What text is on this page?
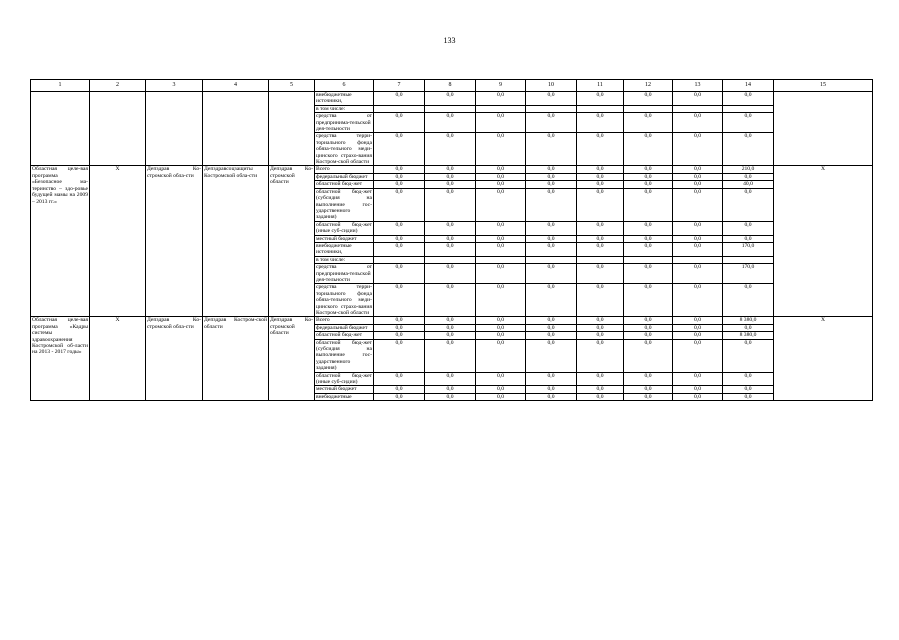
133
1	2	3	4	5	6	7	8	9	10	11	12	13	14	15
					внебюджетные источники,	0,0	0,0	0,0	0,0	0,0	0,0	0,0	0,0	
					в том числе:									
					средства от предпринима-тельской дея-тельности	0,0	0,0	0,0	0,0	0,0	0,0	0,0	0,0	
					средства терри-ториального фонда обяза-тельного меди-цинского страхо-вания Костром-ской области	0,0	0,0	0,0	0,0	0,0	0,0	0,0	0,0	
Областная целе-вая программа «Безопасное ма-теринство – здо-ровье будущей мамы на 2009 – 2013 гг.»	Х	Депздрав Ко-стромской обла-сти	Депздравсоцзащиты Костромской обла-сти	Депздрав Ко-стромской области	Всего	0,0	0,0	0,0	0,0	0,0	0,0	0,0	210,0	Х
					федеральный бюджет	0,0	0,0	0,0	0,0	0,0	0,0	0,0	0,0	
					областной бюд-жет	0,0	0,0	0,0	0,0	0,0	0,0	0,0	40,0	
					областной бюд-жет (субсидия на выполнение гос-ударственного задания)	0,0	0,0	0,0	0,0	0,0	0,0	0,0	0,0	
					областной бюд-жет (иные суб-сидии)	0,0	0,0	0,0	0,0	0,0	0,0	0,0	0,0	
					местный бюджет	0,0	0,0	0,0	0,0	0,0	0,0	0,0	0,0	
					внебюджетные источники,	0,0	0,0	0,0	0,0	0,0	0,0	0,0	170,0	
					в том числе:									
					средства от предпринима-тельской дея-тельности	0,0	0,0	0,0	0,0	0,0	0,0	0,0	170,0	
					средства терри-ториального фонда обяза-тельного меди-цинского страхо-вания Костром-ской области	0,0	0,0	0,0	0,0	0,0	0,0	0,0	0,0	
Областная целе-вая программа «Кадры системы здравоохранения Костромской об-ласти на 2013 - 2017 годы»	Х	Депздрав Ко-стромской обла-сти	Депздрав Костром-ской области	Депздрав Ко-стромской области	Всего	0,0	0,0	0,0	0,0	0,0	0,0	0,0	8 380,0	Х
					федеральный бюджет	0,0	0,0	0,0	0,0	0,0	0,0	0,0	0,0	
					областной бюд-жет	0,0	0,0	0,0	0,0	0,0	0,0	0,0	8 380,0	
					областной бюд-жет (субсидия на выполнение гос-ударственного задания)	0,0	0,0	0,0	0,0	0,0	0,0	0,0	0,0	
					областной бюд-жет (иные суб-сидии)	0,0	0,0	0,0	0,0	0,0	0,0	0,0	0,0	
					местный бюджет	0,0	0,0	0,0	0,0	0,0	0,0	0,0	0,0	
					внебюджетные	0,0	0,0	0,0	0,0	0,0	0,0	0,0	0,0	
